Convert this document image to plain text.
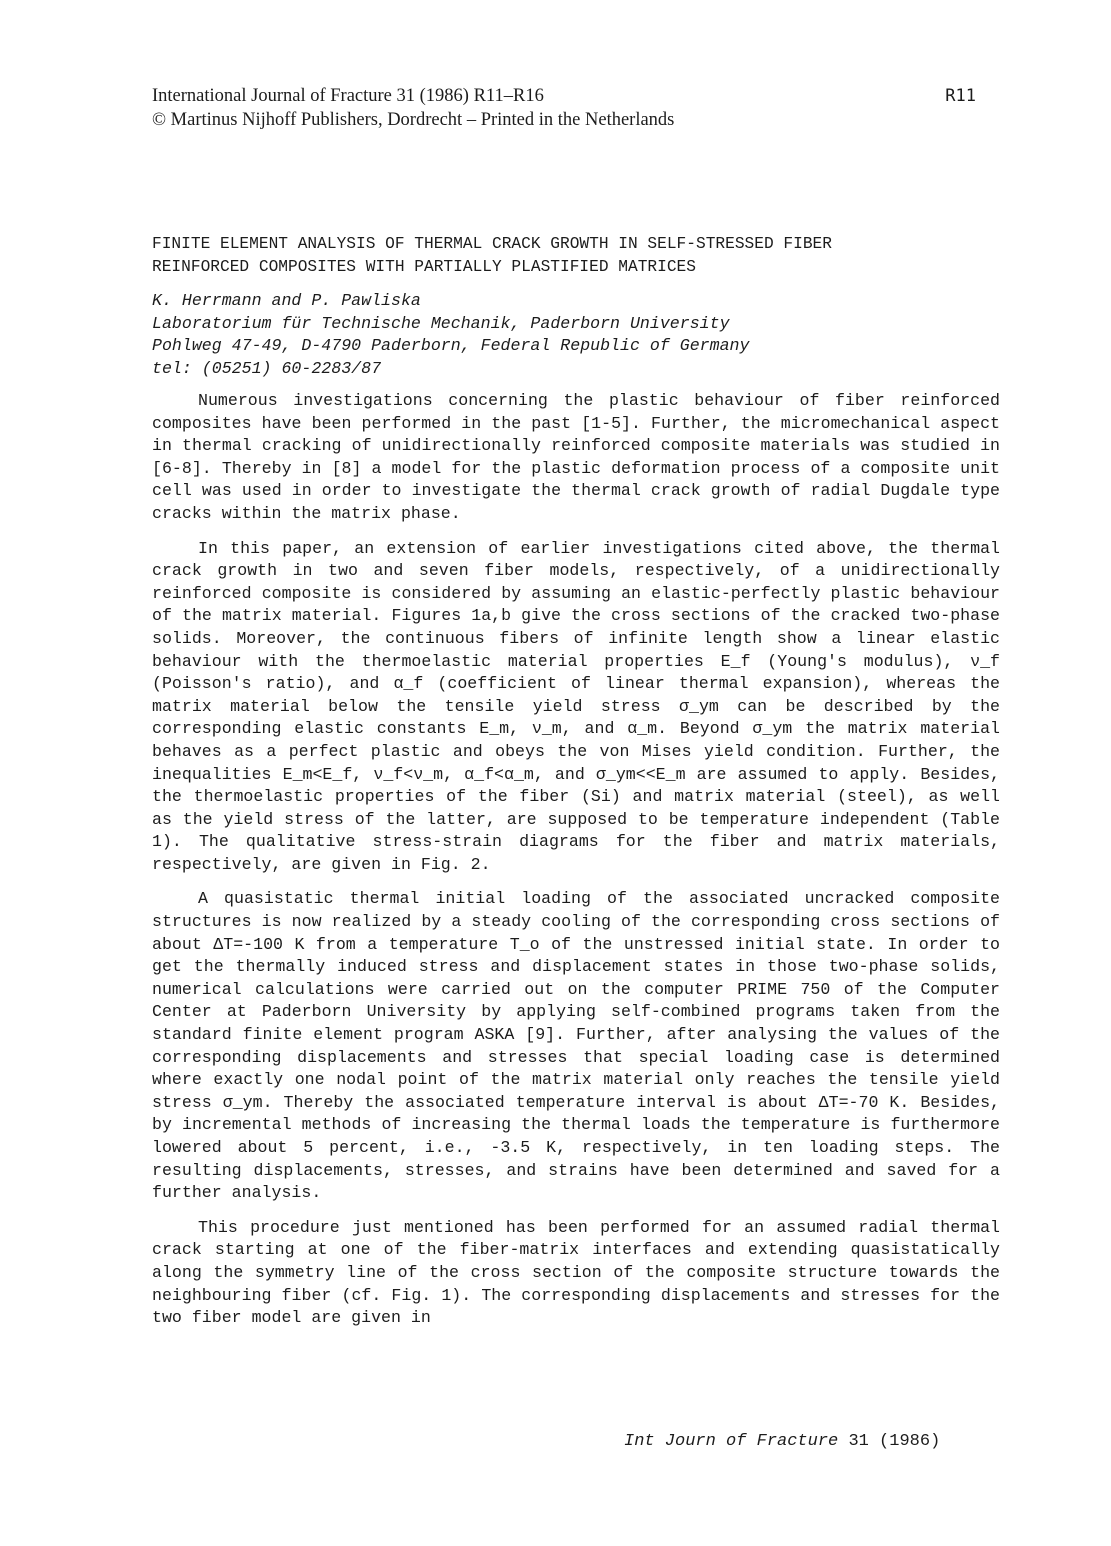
International Journal of Fracture 31 (1986) R11–R16
© Martinus Nijhoff Publishers, Dordrecht – Printed in the Netherlands
R11
FINITE ELEMENT ANALYSIS OF THERMAL CRACK GROWTH IN SELF-STRESSED FIBER
REINFORCED COMPOSITES WITH PARTIALLY PLASTIFIED MATRICES
K. Herrmann and P. Pawliska
Laboratorium für Technische Mechanik, Paderborn University
Pohlweg 47-49, D-4790 Paderborn, Federal Republic of Germany
tel: (05251) 60-2283/87

Numerous investigations concerning the plastic behaviour of fiber reinforced composites have been performed in the past [1-5]. Further, the micromechanical aspect in thermal cracking of unidirectionally reinforced composite materials was studied in [6-8]. Thereby in [8] a model for the plastic deformation process of a composite unit cell was used in order to investigate the thermal crack growth of radial Dugdale type cracks within the matrix phase.

In this paper, an extension of earlier investigations cited above, the thermal crack growth in two and seven fiber models, respectively, of a unidirectionally reinforced composite is considered by assuming an elastic-perfectly plastic behaviour of the matrix material. Figures 1a,b give the cross sections of the cracked two-phase solids. Moreover, the continuous fibers of infinite length show a linear elastic behaviour with the thermoelastic material properties E_f (Young's modulus), ν_f (Poisson's ratio), and α_f (coefficient of linear thermal expansion), whereas the matrix material below the tensile yield stress σ_ym can be described by the corresponding elastic constants E_m, ν_m, and α_m. Beyond σ_ym the matrix material behaves as a perfect plastic and obeys the von Mises yield condition. Further, the inequalities E_m<E_f, ν_f<ν_m, α_f<α_m, and σ_ym<<E_m are assumed to apply. Besides, the thermoelastic properties of the fiber (Si) and matrix material (steel), as well as the yield stress of the latter, are supposed to be temperature independent (Table 1). The qualitative stress-strain diagrams for the fiber and matrix materials, respectively, are given in Fig. 2.

A quasistatic thermal initial loading of the associated uncracked composite structures is now realized by a steady cooling of the corresponding cross sections of about ΔT=-100 K from a temperature T_o of the unstressed initial state. In order to get the thermally induced stress and displacement states in those two-phase solids, numerical calculations were carried out on the computer PRIME 750 of the Computer Center at Paderborn University by applying self-combined programs taken from the standard finite element program ASKA [9]. Further, after analysing the values of the corresponding displacements and stresses that special loading case is determined where exactly one nodal point of the matrix material only reaches the tensile yield stress σ_ym. Thereby the associated temperature interval is about ΔT=-70 K. Besides, by incremental methods of increasing the thermal loads the temperature is furthermore lowered about 5 percent, i.e., -3.5 K, respectively, in ten loading steps. The resulting displacements, stresses, and strains have been determined and saved for a further analysis.

This procedure just mentioned has been performed for an assumed radial thermal crack starting at one of the fiber-matrix interfaces and extending quasistatically along the symmetry line of the cross section of the composite structure towards the neighbouring fiber (cf. Fig. 1). The corresponding displacements and stresses for the two fiber model are given in

Int Journ of Fracture 31 (1986)
